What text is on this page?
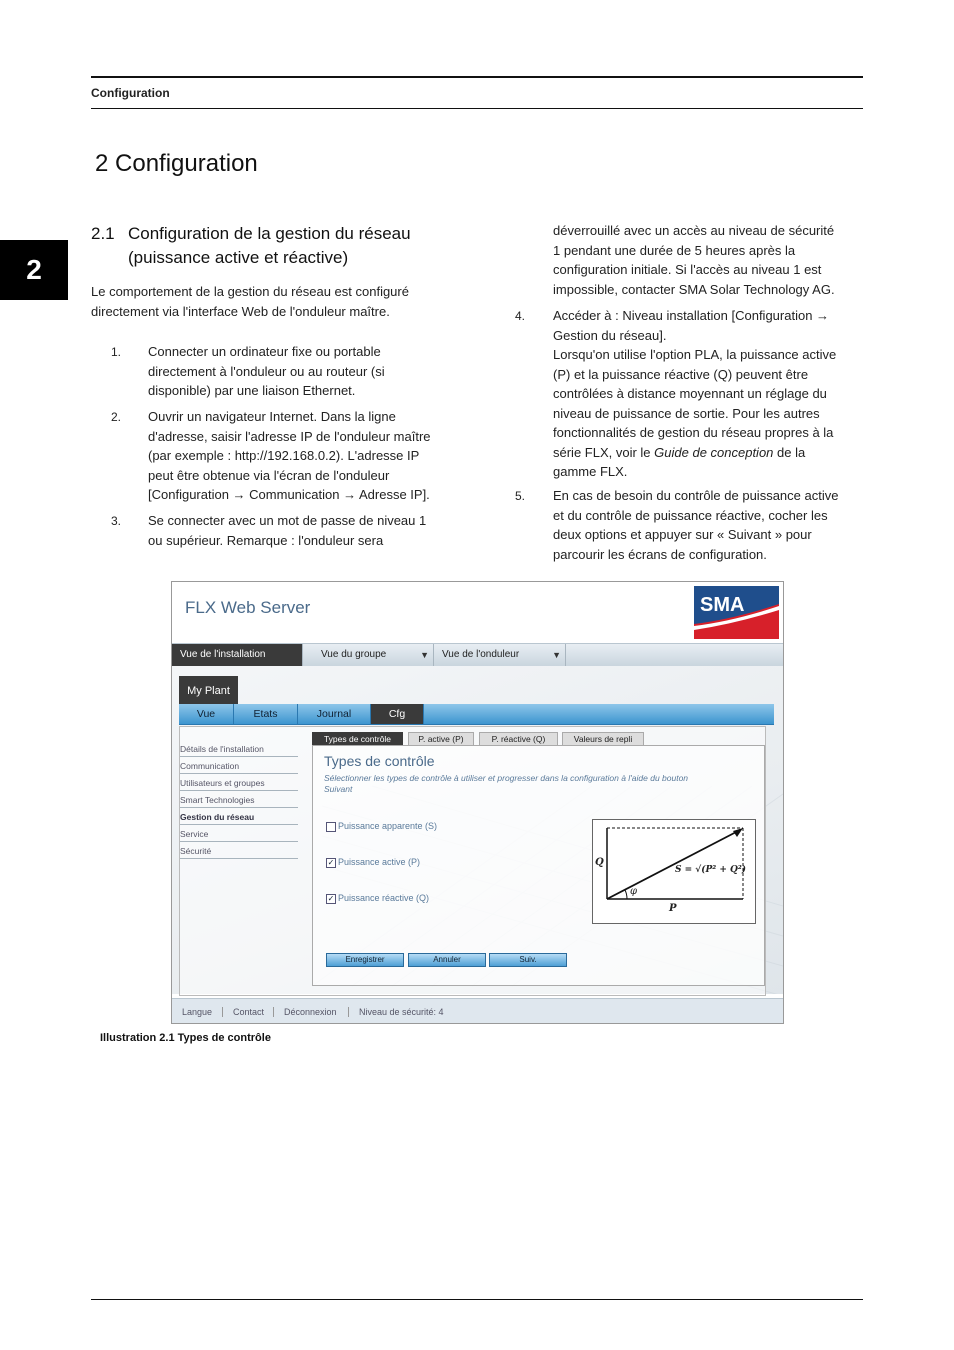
Configuration
2
2 Configuration
2.1 Configuration de la gestion du réseau
(puissance active et réactive)
Le comportement de la gestion du réseau est configuré
directement via l'interface Web de l'onduleur maître.
1. Connecter un ordinateur fixe ou portable
directement à l'onduleur ou au routeur (si
disponible) par une liaison Ethernet.
2. Ouvrir un navigateur Internet. Dans la ligne
d'adresse, saisir l'adresse IP de l'onduleur maître
(par exemple : http://192.168.0.2). L'adresse IP
peut être obtenue via l'écran de l'onduleur
[Configuration → Communication → Adresse IP].
3. Se connecter avec un mot de passe de niveau 1
ou supérieur. Remarque : l'onduleur sera
déverrouillé avec un accès au niveau de sécurité
1 pendant une durée de 5 heures après la
configuration initiale. Si l'accès au niveau 1 est
impossible, contacter SMA Solar Technology AG.
4. Accéder à : Niveau installation [Configuration →
Gestion du réseau].
Lorsqu'on utilise l'option PLA, la puissance active
(P) et la puissance réactive (Q) peuvent être
contrôlées à distance moyennant un réglage du
niveau de puissance de sortie. Pour les autres
fonctionnalités de gestion du réseau propres à la
série FLX, voir le Guide de conception de la
gamme FLX.
5. En cas de besoin du contrôle de puissance active
et du contrôle de puissance réactive, cocher les
deux options et appuyer sur « Suivant » pour
parcourir les écrans de configuration.
FLX Web Server	SMA
Vue de l'installation	Vue du groupe	▼	Vue de l'onduleur	▼
My Plant
Vue	Etats	Journal	Cfg
Détails de l'installation
Communication
Utilisateurs et groupes
Smart Technologies
Gestion du réseau
Service
Sécurité
Types de contrôle	P. active (P)	P. réactive (Q)	Valeurs de repli
Types de contrôle
Sélectionner les types de contrôle à utiliser et progresser dans la configuration à l'aide du bouton
Suivant
Puissance apparente (S)
✓ Puissance active (P)
✓ Puissance réactive (Q)
Q
P
φ
S = √(P² + Q²)
Enregistrer	Annuler	Suiv.
Langue Contact Déconnexion Niveau de sécurité: 4
Illustration 2.1 Types de contrôle
